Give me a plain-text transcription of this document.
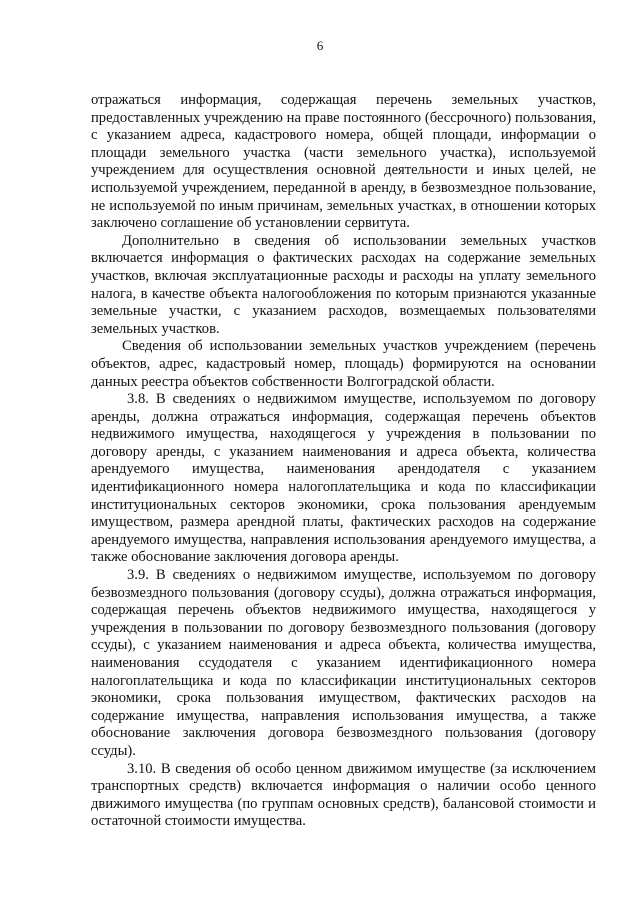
6

отражаться информация, содержащая перечень земельных участков, предоставленных учреждению на праве постоянного (бессрочного) пользования, с указанием адреса, кадастрового номера, общей площади, информации о площади земельного участка (части земельного участка), используемой учреждением для осуществления основной деятельности и иных целей, не используемой учреждением, переданной в аренду, в безвозмездное пользование, не используемой по иным причинам, земельных участках, в отношении которых заключено соглашение об установлении сервитута.

Дополнительно в сведения об использовании земельных участков включается информация о фактических расходах на содержание земельных участков, включая эксплуатационные расходы и расходы на уплату земельного налога, в качестве объекта налогообложения по которым признаются указанные земельные участки, с указанием расходов, возмещаемых пользователями земельных участков.

Сведения об использовании земельных участков учреждением (перечень объектов, адрес, кадастровый номер, площадь) формируются на основании данных реестра объектов собственности Волгоградской области.

3.8. В сведениях о недвижимом имуществе, используемом по договору аренды, должна отражаться информация, содержащая перечень объектов недвижимого имущества, находящегося у учреждения в пользовании по договору аренды, с указанием наименования и адреса объекта, количества арендуемого имущества, наименования арендодателя с указанием идентификационного номера налогоплательщика и кода по классификации институциональных секторов экономики, срока пользования арендуемым имуществом, размера арендной платы, фактических расходов на содержание арендуемого имущества, направления использования арендуемого имущества, а также обоснование заключения договора аренды.

3.9. В сведениях о недвижимом имуществе, используемом по договору безвозмездного пользования (договору ссуды), должна отражаться информация, содержащая перечень объектов недвижимого имущества, находящегося у учреждения в пользовании по договору безвозмездного пользования (договору ссуды), с указанием наименования и адреса объекта, количества имущества, наименования ссудодателя с указанием идентификационного номера налогоплательщика и кода по классификации институциональных секторов экономики, срока пользования имуществом, фактических расходов на содержание имущества, направления использования имущества, а также обоснование заключения договора безвозмездного пользования (договору ссуды).

3.10. В сведения об особо ценном движимом имуществе (за исключением транспортных средств) включается информация о наличии особо ценного движимого имущества (по группам основных средств), балансовой стоимости и остаточной стоимости имущества.
